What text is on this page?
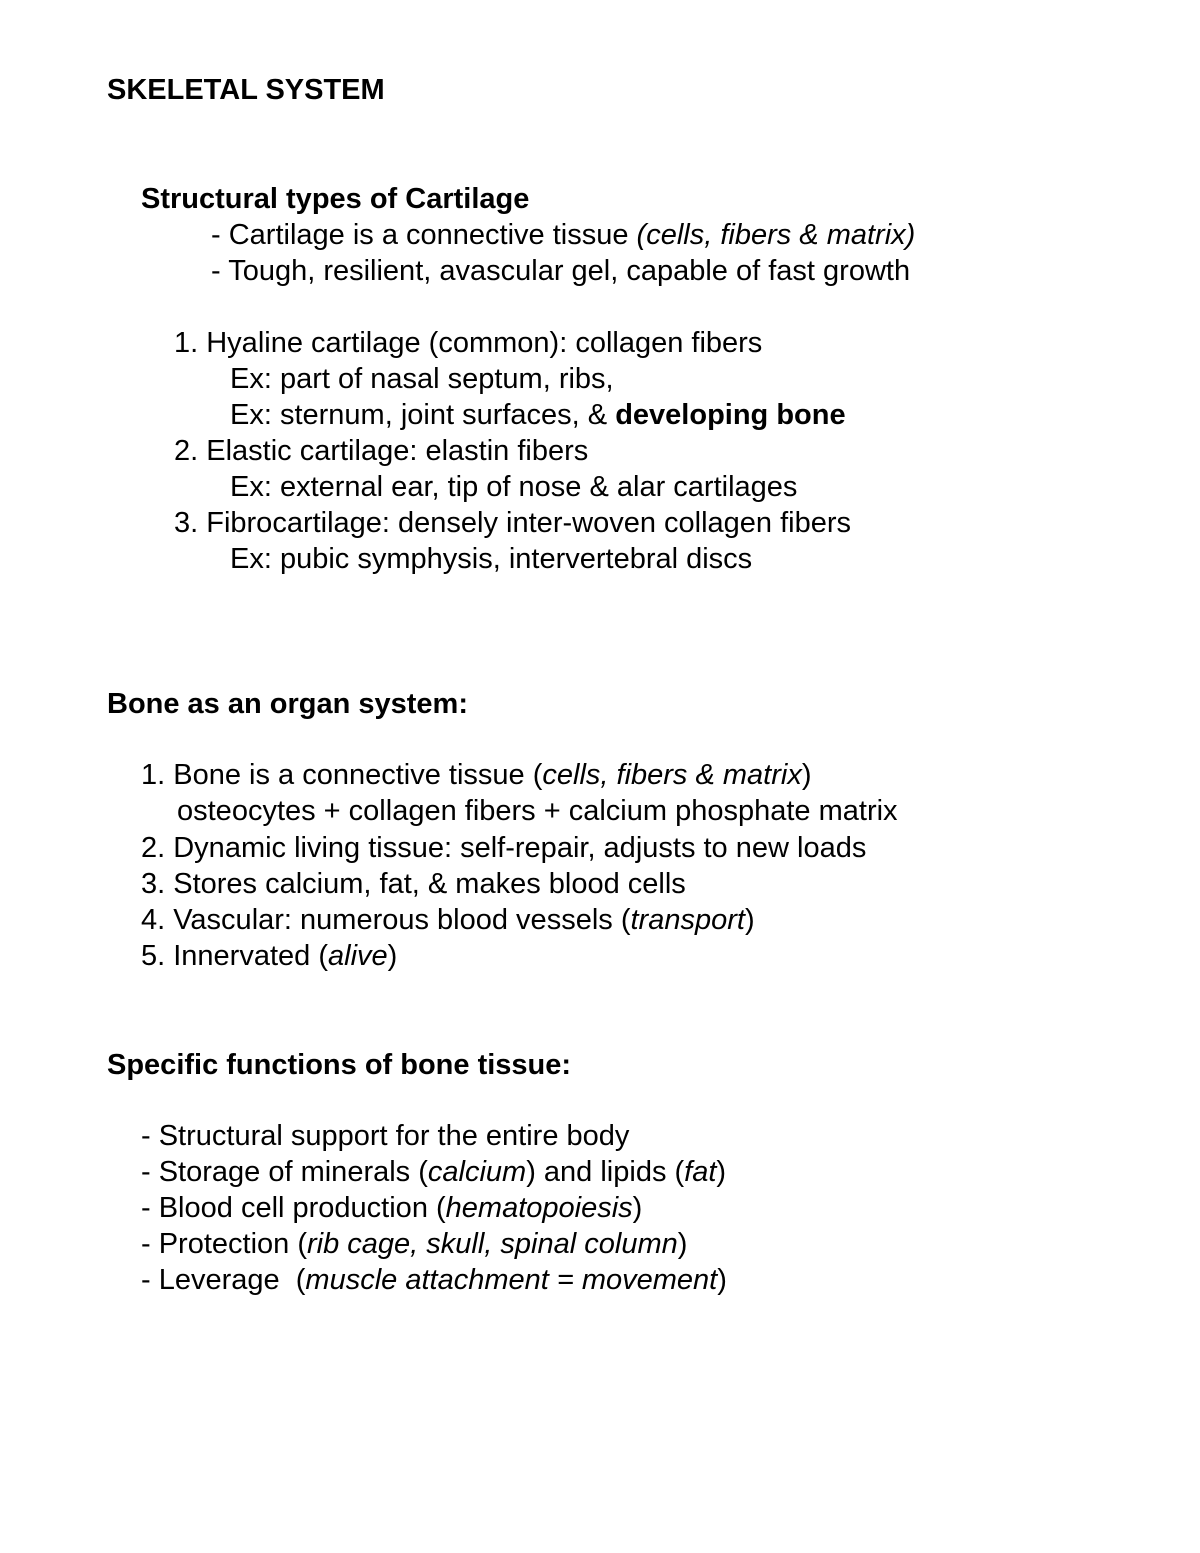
SKELETAL SYSTEM
Structural types of Cartilage
- Cartilage is a connective tissue (cells, fibers & matrix)
- Tough, resilient, avascular gel, capable of fast growth
1. Hyaline cartilage (common): collagen fibers
Ex: part of nasal septum, ribs,
Ex: sternum, joint surfaces, & developing bone
2. Elastic cartilage: elastin fibers
Ex: external ear, tip of nose & alar cartilages
3. Fibrocartilage: densely inter-woven collagen fibers
Ex: pubic symphysis, intervertebral discs
Bone as an organ system:
1. Bone is a connective tissue (cells, fibers & matrix)
osteocytes + collagen fibers + calcium phosphate matrix
2. Dynamic living tissue: self-repair, adjusts to new loads
3. Stores calcium, fat, & makes blood cells
4. Vascular: numerous blood vessels (transport)
5. Innervated (alive)
Specific functions of bone tissue:
- Structural support for the entire body
- Storage of minerals (calcium) and lipids (fat)
- Blood cell production (hematopoiesis)
- Protection (rib cage, skull, spinal column)
- Leverage  (muscle attachment = movement)
